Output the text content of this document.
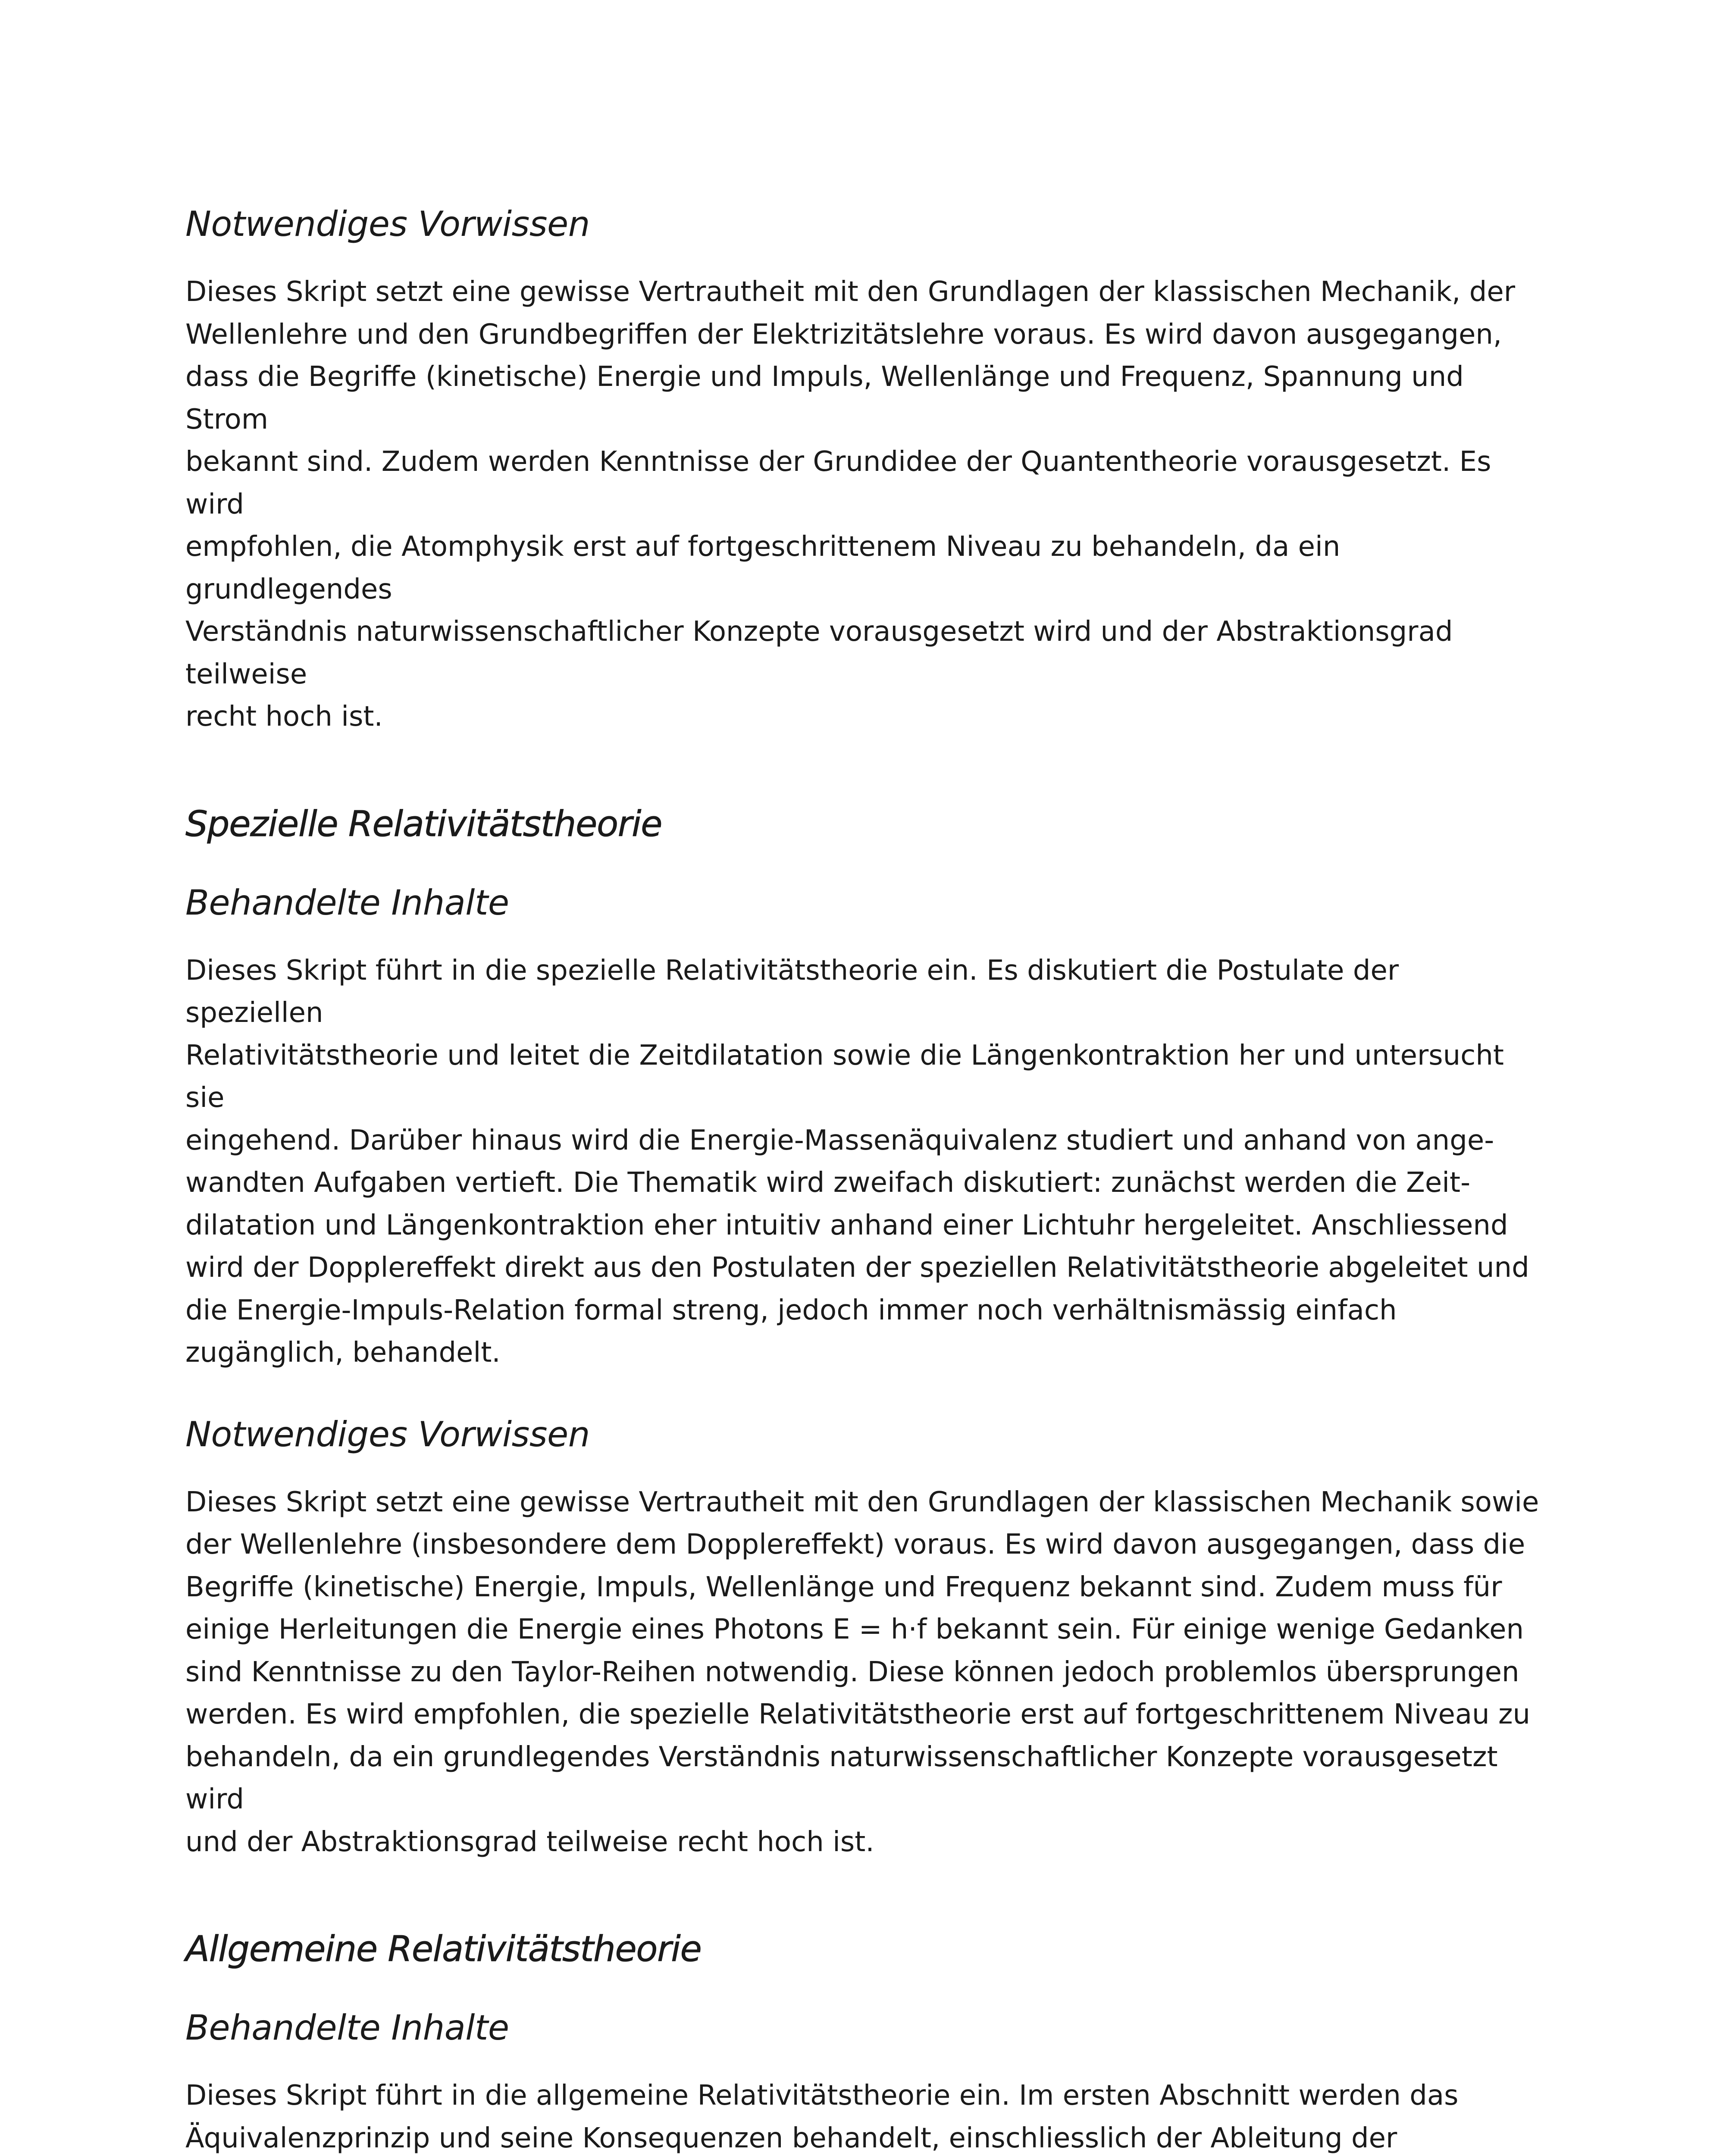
Notwendiges Vorwissen
Dieses Skript setzt eine gewisse Vertrautheit mit den Grundlagen der klassischen Mechanik, der
Wellenlehre und den Grundbegriffen der Elektrizitätslehre voraus. Es wird davon ausgegangen,
dass die Begriffe (kinetische) Energie und Impuls, Wellenlänge und Frequenz, Spannung und Strom
bekannt sind. Zudem werden Kenntnisse der Grundidee der Quantentheorie vorausgesetzt. Es wird
empfohlen, die Atomphysik erst auf fortgeschrittenem Niveau zu behandeln, da ein grundlegendes
Verständnis naturwissenschaftlicher Konzepte vorausgesetzt wird und der Abstraktionsgrad teilweise
recht hoch ist.
Spezielle Relativitätstheorie
Behandelte Inhalte
Dieses Skript führt in die spezielle Relativitätstheorie ein. Es diskutiert die Postulate der speziellen
Relativitätstheorie und leitet die Zeitdilatation sowie die Längenkontraktion her und untersucht sie
eingehend. Darüber hinaus wird die Energie-Massenäquivalenz studiert und anhand von ange-
wandten Aufgaben vertieft. Die Thematik wird zweifach diskutiert: zunächst werden die Zeit-
dilatation und Längenkontraktion eher intuitiv anhand einer Lichtuhr hergeleitet. Anschliessend
wird der Dopplereffekt direkt aus den Postulaten der speziellen Relativitätstheorie abgeleitet und
die Energie-Impuls-Relation formal streng, jedoch immer noch verhältnismässig einfach
zugänglich, behandelt.
Notwendiges Vorwissen
Dieses Skript setzt eine gewisse Vertrautheit mit den Grundlagen der klassischen Mechanik sowie
der Wellenlehre (insbesondere dem Dopplereffekt) voraus. Es wird davon ausgegangen, dass die
Begriffe (kinetische) Energie, Impuls, Wellenlänge und Frequenz bekannt sind. Zudem muss für
einige Herleitungen die Energie eines Photons E = h·f bekannt sein. Für einige wenige Gedanken
sind Kenntnisse zu den Taylor-Reihen notwendig. Diese können jedoch problemlos übersprungen
werden. Es wird empfohlen, die spezielle Relativitätstheorie erst auf fortgeschrittenem Niveau zu
behandeln, da ein grundlegendes Verständnis naturwissenschaftlicher Konzepte vorausgesetzt wird
und der Abstraktionsgrad teilweise recht hoch ist.
Allgemeine Relativitätstheorie
Behandelte Inhalte
Dieses Skript führt in die allgemeine Relativitätstheorie ein. Im ersten Abschnitt werden das
Äquivalenzprinzip und seine Konsequenzen behandelt, einschliesslich der Ableitung der
